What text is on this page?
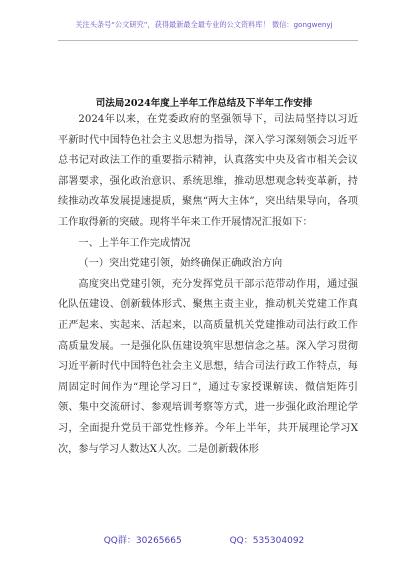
关注头条号“公文研究”，获得最新最全最专业的公文资料库！ 微信：gongwenyj
司法局2024年度上半年工作总结及下半年工作安排

2024年以来，在党委政府的坚强领导下，司法局坚持以习近平新时代中国特色社会主义思想为指导，深入学习深刻领会习近平总书记对政法工作的重要指示精神，认真落实中央及省市相关会议部署要求，强化政治意识、系统思维，推动思想观念转变革新，持续推动改革发展提速提质，聚焦“两大主体”，突出结果导向，各项工作取得新的突破。现将半年来工作开展情况汇报如下：

一、上半年工作完成情况

（一）突出党建引领，始终确保正确政治方向

高度突出党建引领，充分发挥党员干部示范带动作用，通过强化队伍建设、创新载体形式、聚焦主责主业，推动机关党建工作真正严起来、实起来、活起来，以高质量机关党建推动司法行政工作高质量发展。一是强化队伍建设筑牢思想信念之基。深入学习贯彻习近平新时代中国特色社会主义思想，结合司法行政工作特点，每周固定时间作为“理论学习日”，通过专家授课解读、微信矩阵引领、集中交流研讨、参观培训考察等方式，进一步强化政治理论学习，全面提升党员干部党性修养。今年上半年，共开展理论学习X次，参与学习人数达X人次。二是创新载体形

QQ群：30265665	QQ：535304092
